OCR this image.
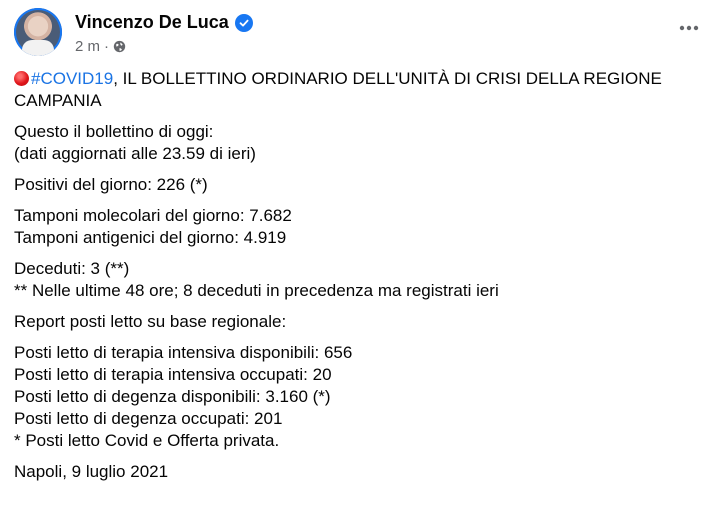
Vincenzo De Luca
2 m ·
#COVID19, IL BOLLETTINO ORDINARIO DELL'UNITÀ DI CRISI DELLA REGIONE
CAMPANIA
Questo il bollettino di oggi:
(dati aggiornati alle 23.59 di ieri)
Positivi del giorno: 226 (*)
Tamponi molecolari del giorno: 7.682
Tamponi antigenici del giorno: 4.919
Deceduti: 3 (**)
** Nelle ultime 48 ore; 8 deceduti in precedenza ma registrati ieri
Report posti letto su base regionale:
Posti letto di terapia intensiva disponibili: 656
Posti letto di terapia intensiva occupati: 20
Posti letto di degenza disponibili: 3.160 (*)
Posti letto di degenza occupati: 201
* Posti letto Covid e Offerta privata.
Napoli, 9 luglio 2021
